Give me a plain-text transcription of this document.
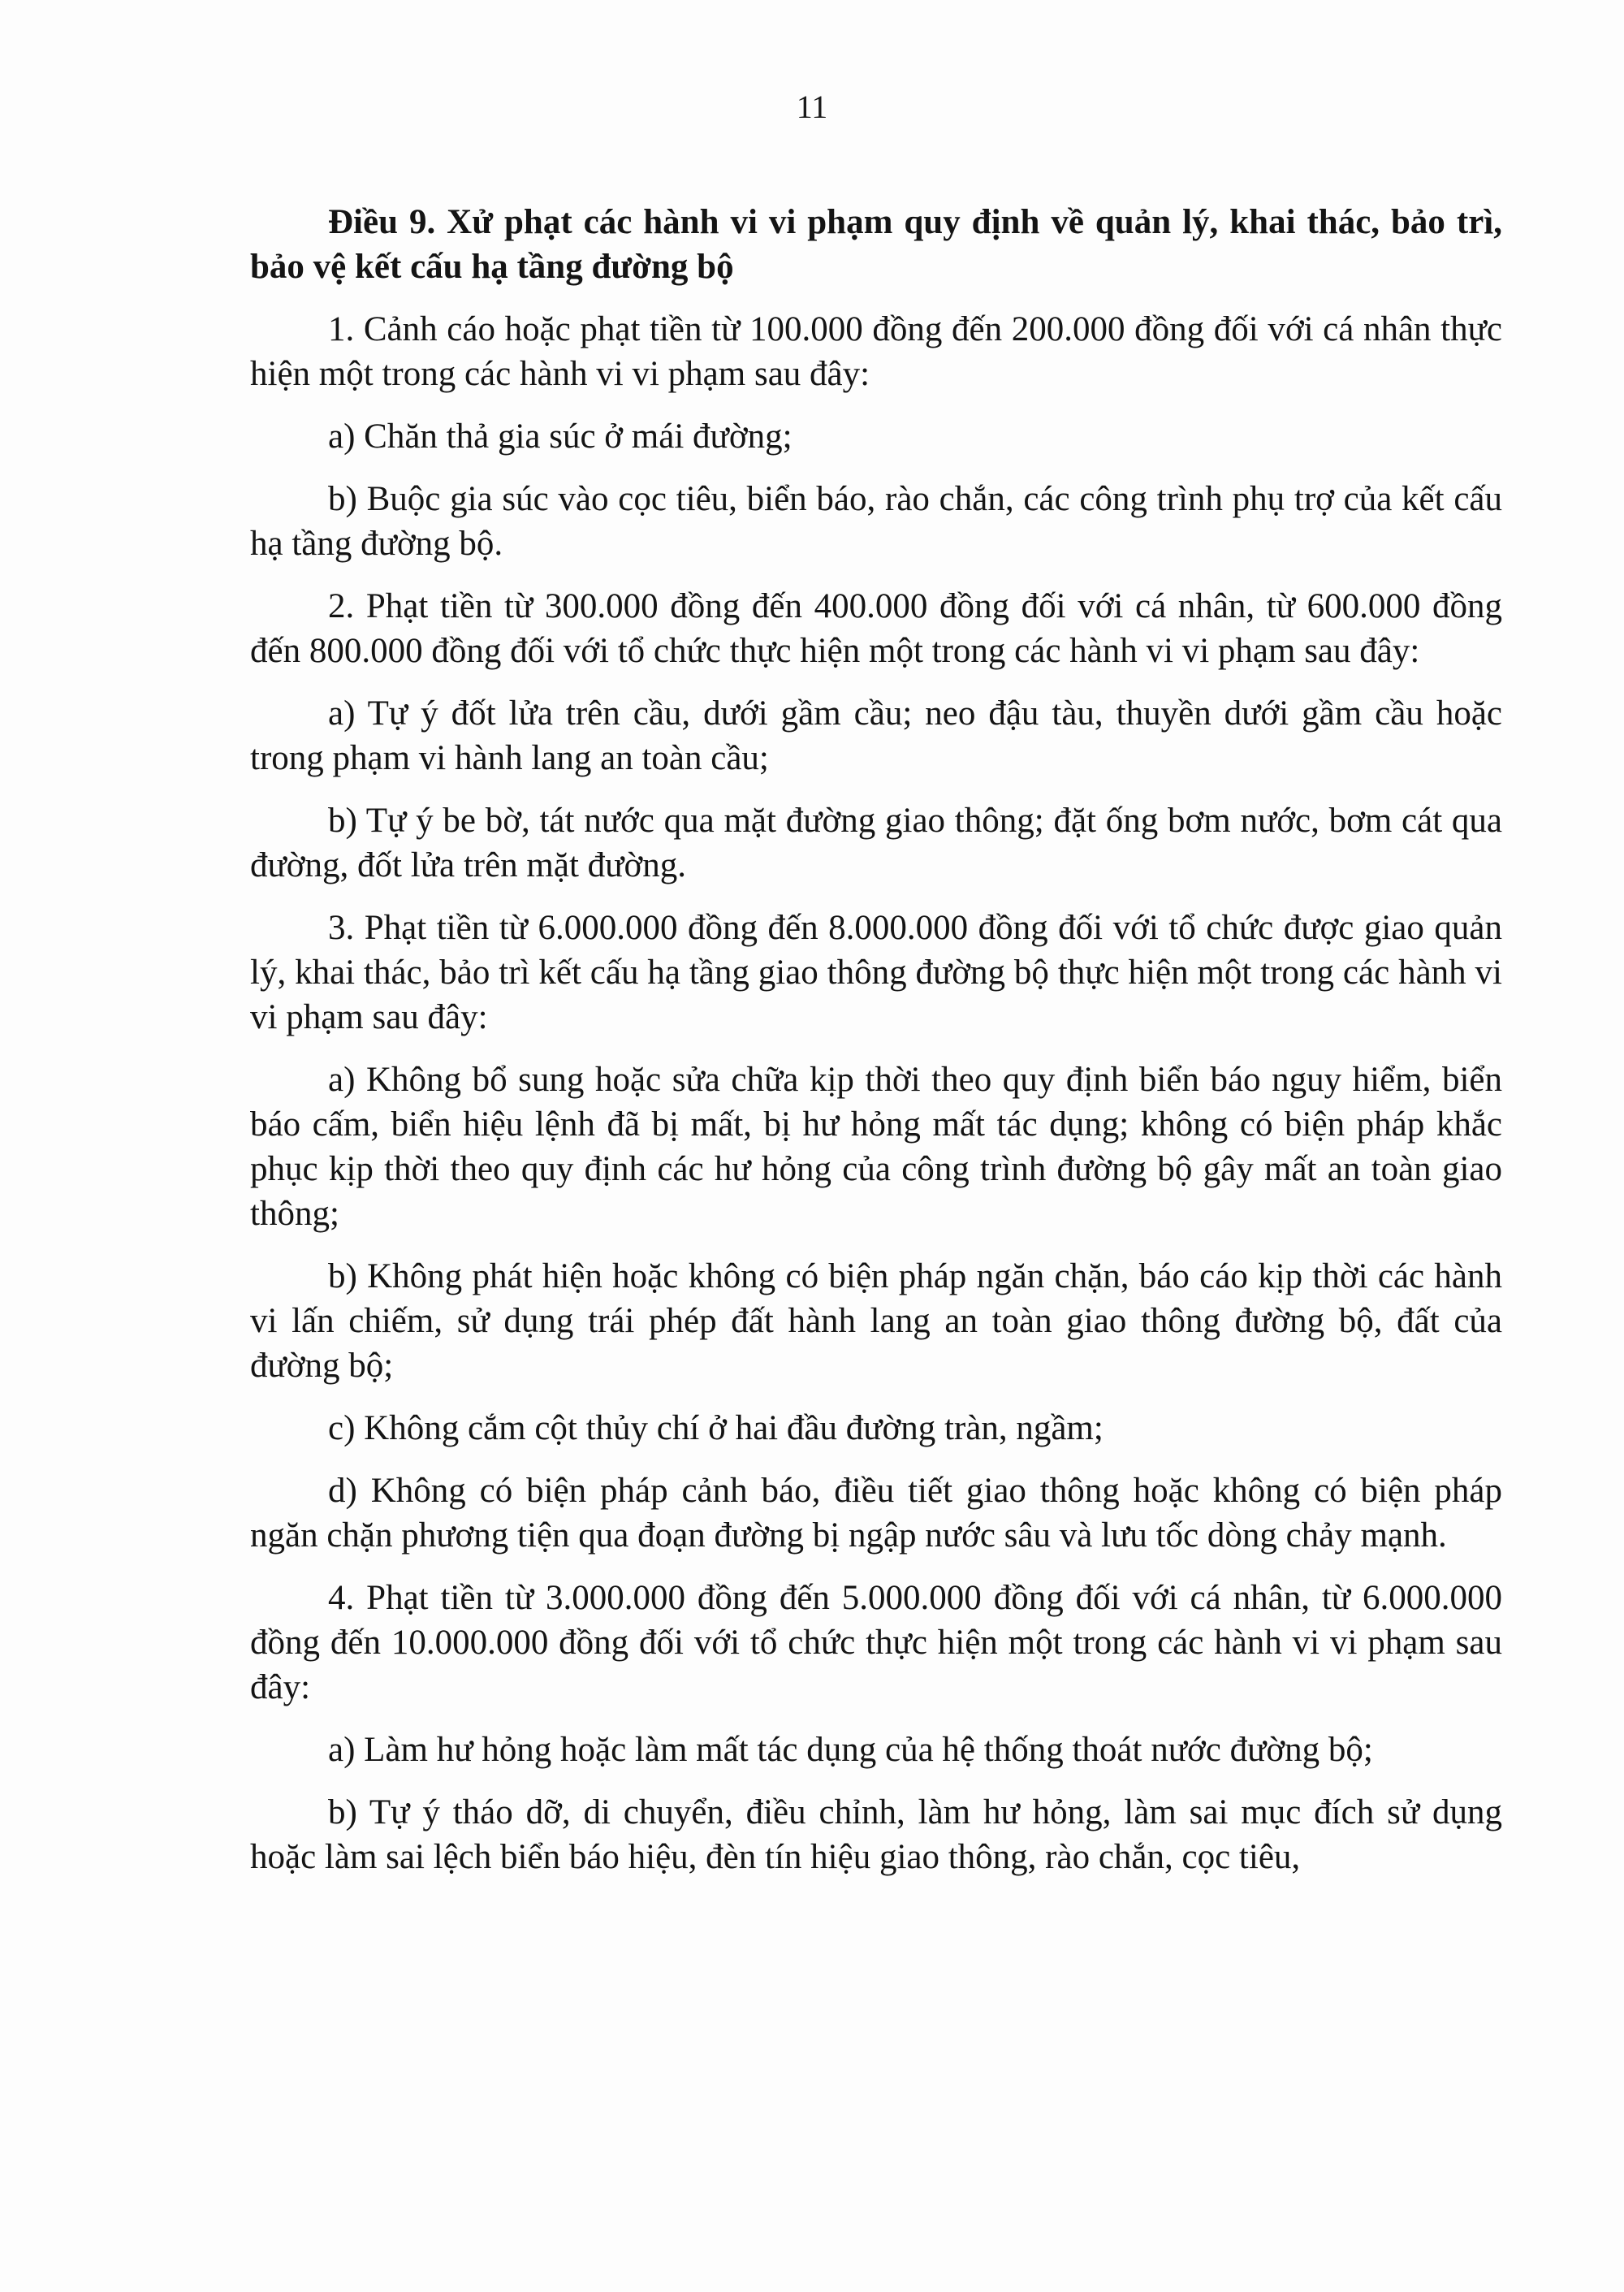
11

Điều 9. Xử phạt các hành vi vi phạm quy định về quản lý, khai thác, bảo trì, bảo vệ kết cấu hạ tầng đường bộ

1. Cảnh cáo hoặc phạt tiền từ 100.000 đồng đến 200.000 đồng đối với cá nhân thực hiện một trong các hành vi vi phạm sau đây:

a) Chăn thả gia súc ở mái đường;

b) Buộc gia súc vào cọc tiêu, biển báo, rào chắn, các công trình phụ trợ của kết cấu hạ tầng đường bộ.

2. Phạt tiền từ 300.000 đồng đến 400.000 đồng đối với cá nhân, từ 600.000 đồng đến 800.000 đồng đối với tổ chức thực hiện một trong các hành vi vi phạm sau đây:

a) Tự ý đốt lửa trên cầu, dưới gầm cầu; neo đậu tàu, thuyền dưới gầm cầu hoặc trong phạm vi hành lang an toàn cầu;

b) Tự ý be bờ, tát nước qua mặt đường giao thông; đặt ống bơm nước, bơm cát qua đường, đốt lửa trên mặt đường.

3. Phạt tiền từ 6.000.000 đồng đến 8.000.000 đồng đối với tổ chức được giao quản lý, khai thác, bảo trì kết cấu hạ tầng giao thông đường bộ thực hiện một trong các hành vi vi phạm sau đây:

a) Không bổ sung hoặc sửa chữa kịp thời theo quy định biển báo nguy hiểm, biển báo cấm, biển hiệu lệnh đã bị mất, bị hư hỏng mất tác dụng; không có biện pháp khắc phục kịp thời theo quy định các hư hỏng của công trình đường bộ gây mất an toàn giao thông;

b) Không phát hiện hoặc không có biện pháp ngăn chặn, báo cáo kịp thời các hành vi lấn chiếm, sử dụng trái phép đất hành lang an toàn giao thông đường bộ, đất của đường bộ;

c) Không cắm cột thủy chí ở hai đầu đường tràn, ngầm;

d) Không có biện pháp cảnh báo, điều tiết giao thông hoặc không có biện pháp ngăn chặn phương tiện qua đoạn đường bị ngập nước sâu và lưu tốc dòng chảy mạnh.

4. Phạt tiền từ 3.000.000 đồng đến 5.000.000 đồng đối với cá nhân, từ 6.000.000 đồng đến 10.000.000 đồng đối với tổ chức thực hiện một trong các hành vi vi phạm sau đây:

a) Làm hư hỏng hoặc làm mất tác dụng của hệ thống thoát nước đường bộ;

b) Tự ý tháo dỡ, di chuyển, điều chỉnh, làm hư hỏng, làm sai mục đích sử dụng hoặc làm sai lệch biển báo hiệu, đèn tín hiệu giao thông, rào chắn, cọc tiêu,
